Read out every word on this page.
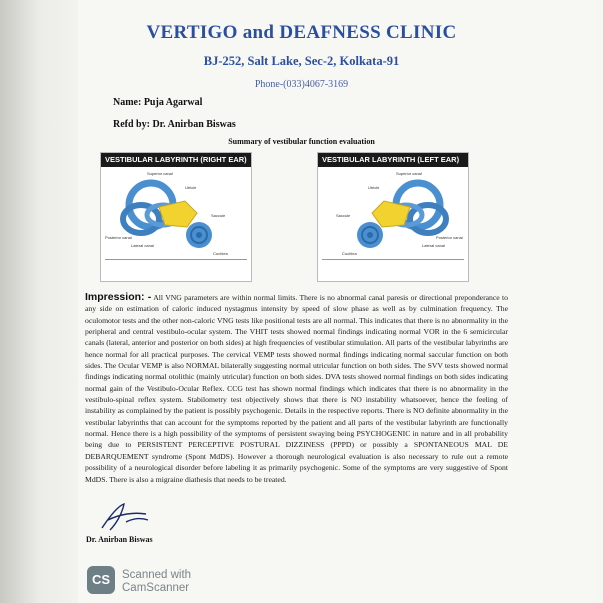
VERTIGO and DEAFNESS CLINIC
BJ-252, Salt Lake, Sec-2, Kolkata-91
Phone-(033)4067-3169
Name: Puja Agarwal
Refd by: Dr. Anirban Biswas
Summary of vestibular function evaluation
VESTIBULAR LABYRINTH (RIGHT EAR)
Superior canal
Posterior canal
Lateral canal
Utricle
Saccule
Cochlea
VESTIBULAR LABYRINTH (LEFT EAR)
Superior canal
Posterior canal
Lateral canal
Utricle
Saccule
Cochlea
Impression: - All VNG parameters are within normal limits. There is no abnormal canal paresis or directional preponderance to any side on estimation of caloric induced nystagmus intensity by speed of slow phase as well as by culmination frequency. The oculomotor tests and the other non-caloric VNG tests like positional tests are all normal. This indicates that there is no abnormality in the peripheral and central vestibulo-ocular system. The VHIT tests showed normal findings indicating normal VOR in the 6 semicircular canals (lateral, anterior and posterior on both sides) at high frequencies of vestibular stimulation. All parts of the vestibular labyrinths are hence normal for all practical purposes. The cervical VEMP tests showed normal findings indicating normal saccular function on both sides. The Ocular VEMP is also NORMAL bilaterally suggesting normal utricular function on both sides. The SVV tests showed normal findings indicating normal otolithic (mainly utricular) function on both sides. DVA tests showed normal findings on both sides indicating normal gain of the Vestibulo-Ocular Reflex. CCG test has shown normal findings which indicates that there is no abnormality in the vestibulo-spinal reflex system. Stabilometry test objectively shows that there is NO instability whatsoever, hence the feeling of instability as complained by the patient is possibly psychogenic. Details in the respective reports. There is NO definite abnormality in the vestibular labyrinths that can account for the symptoms reported by the patient and all parts of the vestibular labyrinth are functionally normal. Hence there is a high possibility of the symptoms of persistent swaying being PSYCHOGENIC in nature and in all probability being due to PERSISTENT PERCEPTIVE POSTURAL DIZZINESS (PPPD) or possibly a SPONTANEOUS MAL DE DEBARQUEMENT syndrome (Spont MdDS). However a thorough neurological evaluation is also necessary to rule out a remote possibility of a neurological disorder before labeling it as primarily psychogenic. Some of the symptoms are very suggestive of Spont MdDS. There is also a migraine diathesis that needs to be treated.
Dr. Anirban Biswas
CS	Scanned with
CamScanner
